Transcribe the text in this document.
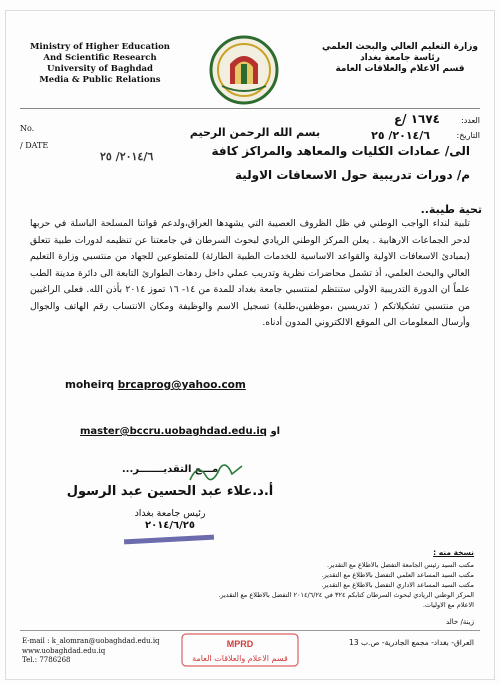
Ministry of Higher Education
And Scientific Research
University of Baghdad
Media & Public Relations
وزارة التعليم العالي والبحث العلمي
رئاسة جامعة بغداد
قسم الاعلام والعلاقات العامة
No.
/ DATE
٢٠١٤/٦/ ٢٥
العدد:
١٦٧٤ /ع
التاريخ:
٢٠١٤/٦/ ٢٥
بسم الله الرحمن الرحيم
الى/ عمادات الكليات والمعاهد والمراكز كافة
م/ دورات تدريبية حول الاسعافات الاولية
تحية طيبة..

تلبية لنداء الواجب الوطني في ظل الظروف العصيبة التي يشهدها العراق،ولدعم قواتنا المسلحة الباسلة في حربها لدحر الجماعات الارهابية . يعلن المركز الوطني الريادي لبحوث السرطان في جامعتنا عن تنظيمه لدورات طبية تتعلق (بمبادئ الاسعافات الاولية والقواعد الاساسية للخدمات الطبية الطارئة) للمتطوعين للجهاد من منتسبي وزارة التعليم العالي والبحث العلمي، أذ تشمل محاضرات نظرية وتدريب عملي داخل ردهات الطوارئ التابعة الى دائرة مدينة الطب علماً ان الدورة التدريبية الاولى ستنتظم لمنتسبي جامعة بغداد للمدة من ١٤- ١٦ تموز ٢٠١٤ بأذن الله. فعلى الراغبين من منتسبي تشكيلاتكم ( تدريسين ،موظفين،طلبة) تسجيل الاسم والوظيفة ومكان الانتساب رقم الهاتف والجوال وأرسال المعلومات الى الموقع الالكتروني المدون أدناه.

moheirq brcaprog@yahoo.com
master@bccru.uobaghdad.edu.iq او
مـــع التقديـــــــر...
أ.د.علاء عبد الحسين عبد الرسول
رئيس جامعة بغداد
٢٠١٤/٦/٢٥
نسخة منه :
مكتب السيد رئيس الجامعة التفضل بالاطلاع مع التقدير.
مكتب السيد المساعد العلمي التفضل بالاطلاع مع التقدير.
مكتب السيد المساعد الاداري التفضل بالاطلاع مع التقدير.
المركز الوطني الريادي لبحوث السرطان كتابكم ٣٢٤ في ٢٠١٤/٦/٢٤ التفضل بالاطلاع مع التقدير.
الاعلام مع الاوليات.
زينة/ خالد
E-mail : k_alomran@uobaghdad.edu.iq
www.uobaghdad.edu.iq
Tel.: 7786268
MPRD
قسم الاعلام والعلاقات العامة
العراق- بغداد- مجمع الجادرية- ص.ب 13
